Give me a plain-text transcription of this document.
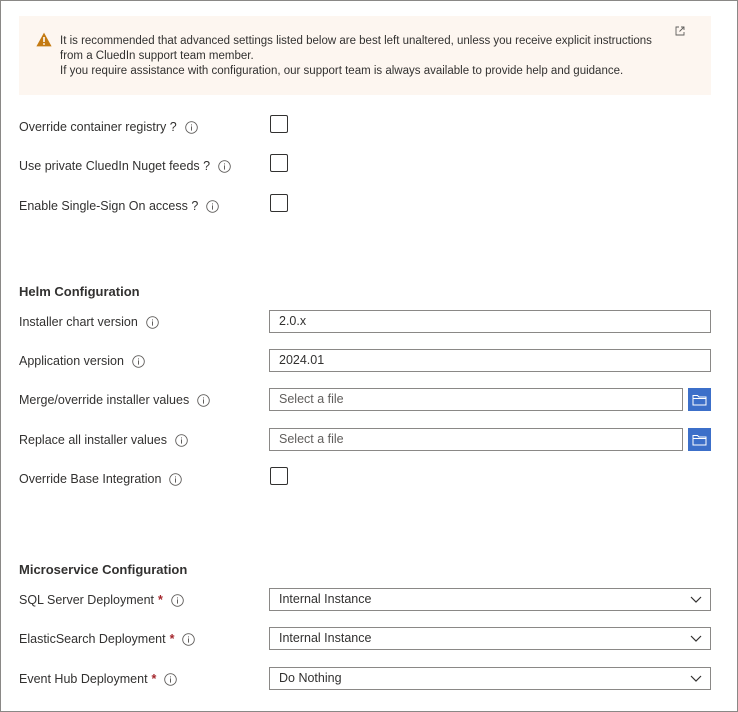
It is recommended that advanced settings listed below are best left unaltered, unless you receive explicit instructions

from a CluedIn support team member.

If you require assistance with configuration, our support team is always available to provide help and guidance.

Override container registry ?
Use private CluedIn Nuget feeds ?
Enable Single-Sign On access ?
Helm Configuration
Installer chart version	2.0.x
Application version	2024.01
Merge/override installer values	Select a file
Replace all installer values	Select a file
Override Base Integration
Microservice Configuration
SQL Server Deployment *	Internal Instance
ElasticSearch Deployment *	Internal Instance
Event Hub Deployment *	Do Nothing
